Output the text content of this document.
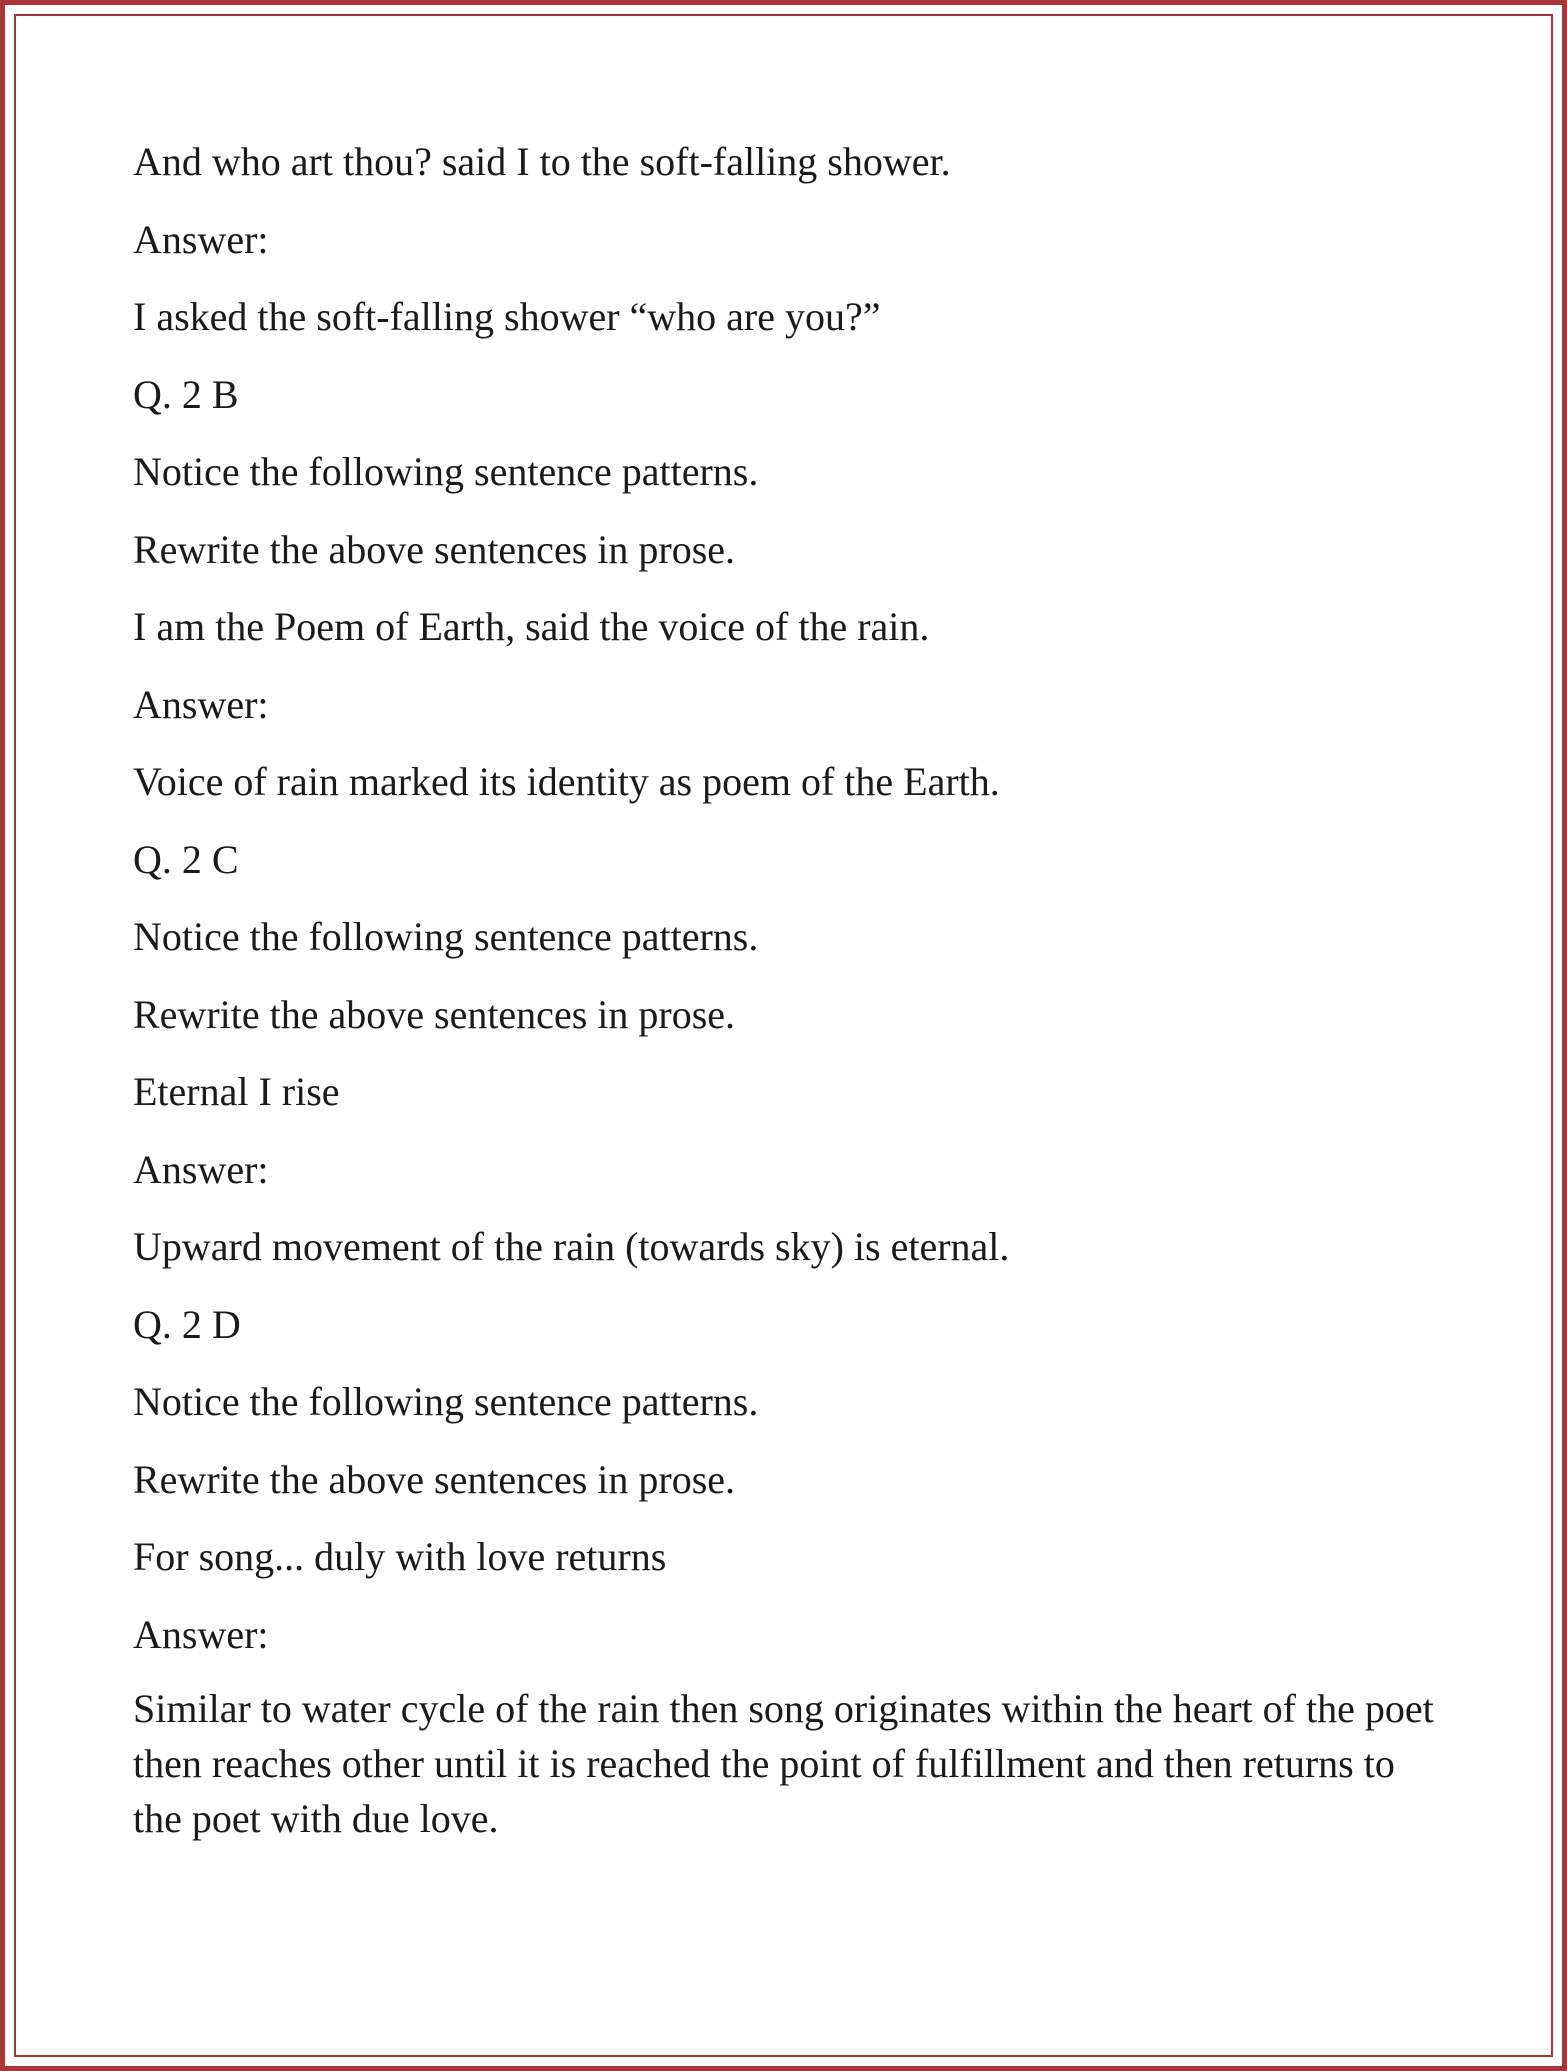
And who art thou? said I to the soft-falling shower.
Answer:
I asked the soft-falling shower “who are you?”
Q. 2 B
Notice the following sentence patterns.
Rewrite the above sentences in prose.
I am the Poem of Earth, said the voice of the rain.
Answer:
Voice of rain marked its identity as poem of the Earth.
Q. 2 C
Notice the following sentence patterns.
Rewrite the above sentences in prose.
Eternal I rise
Answer:
Upward movement of the rain (towards sky) is eternal.
Q. 2 D
Notice the following sentence patterns.
Rewrite the above sentences in prose.
For song... duly with love returns
Answer:
Similar to water cycle of the rain then song originates within the heart of the poet then reaches other until it is reached the point of fulfillment and then returns to the poet with due love.
